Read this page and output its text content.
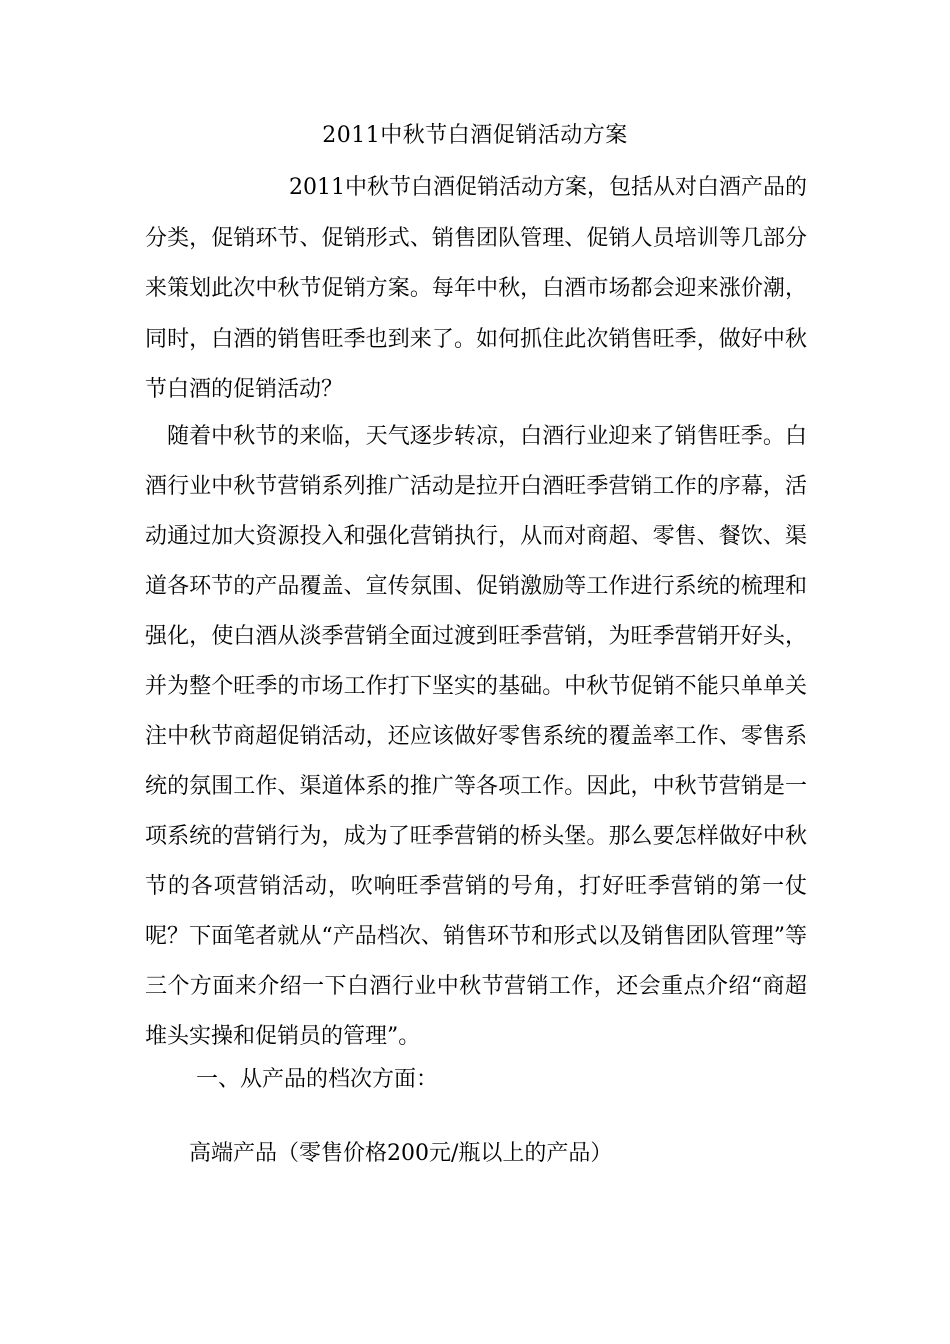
2011中秋节白酒促销活动方案

2011中秋节白酒促销活动方案，包括从对白酒产品的分类，促销环节、促销形式、销售团队管理、促销人员培训等几部分来策划此次中秋节促销方案。每年中秋，白酒市场都会迎来涨价潮，同时，白酒的销售旺季也到来了。如何抓住此次销售旺季，做好中秋节白酒的促销活动？

随着中秋节的来临，天气逐步转凉，白酒行业迎来了销售旺季。白酒行业中秋节营销系列推广活动是拉开白酒旺季营销工作的序幕，活动通过加大资源投入和强化营销执行，从而对商超、零售、餐饮、渠道各环节的产品覆盖、宣传氛围、促销激励等工作进行系统的梳理和强化，使白酒从淡季营销全面过渡到旺季营销，为旺季营销开好头，并为整个旺季的市场工作打下坚实的基础。中秋节促销不能只单单关注中秋节商超促销活动，还应该做好零售系统的覆盖率工作、零售系统的氛围工作、渠道体系的推广等各项工作。因此，中秋节营销是一项系统的营销行为，成为了旺季营销的桥头堡。那么要怎样做好中秋节的各项营销活动，吹响旺季营销的号角，打好旺季营销的第一仗呢？下面笔者就从“产品档次、销售环节和形式以及销售团队管理”等三个方面来介绍一下白酒行业中秋节营销工作，还会重点介绍“商超堆头实操和促销员的管理”。

一、从产品的档次方面：

高端产品（零售价格200元/瓶以上的产品）
